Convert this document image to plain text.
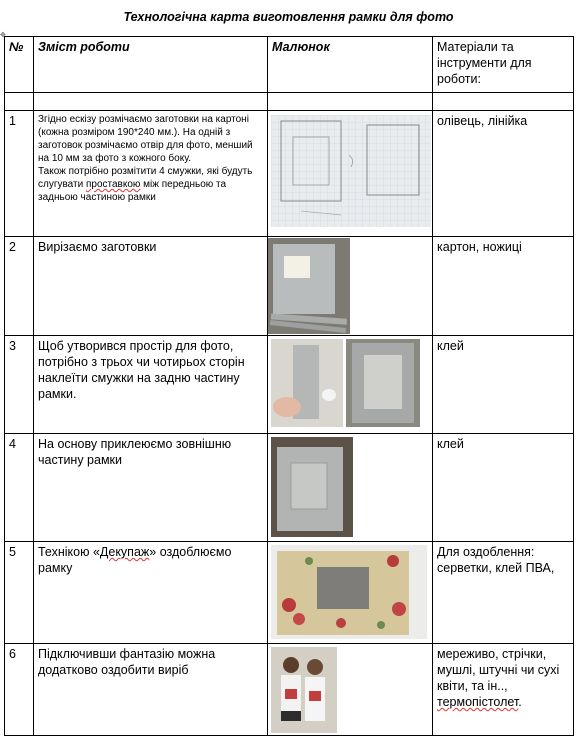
✥
Технологічна карта виготовлення рамки для фото
№	Зміст роботи	Малюнок	Матеріали та інструменти для роботи:

1	Згідно ескізу розмічаємо заготовки на картоні (кожна розміром 190*240 мм.). На одній з заготовок розмічаємо отвір для фото, менший на 10 мм за фото з кожного боку.
Також потрібно розмітити 4 смужки, які будуть слугувати проставкою між передньою та задньою частиною рамки		олівець, лінійка
2	Вирізаємо заготовки		картон, ножиці
3	Щоб утворився простір для фото, потрібно з трьох чи чотирьох сторін наклеїти смужки на задню частину рамки.		клей
4	На основу приклеюємо зовнішню частину рамки		клей
5	Технікою «Декупаж» оздоблюємо рамку		Для оздоблення: серветки, клей ПВА,
6	Підключивши фантазію можна додатково оздобити виріб		мереживо, стрічки, мушлі, штучні чи сухі квіти, та ін.., термопістолет.
